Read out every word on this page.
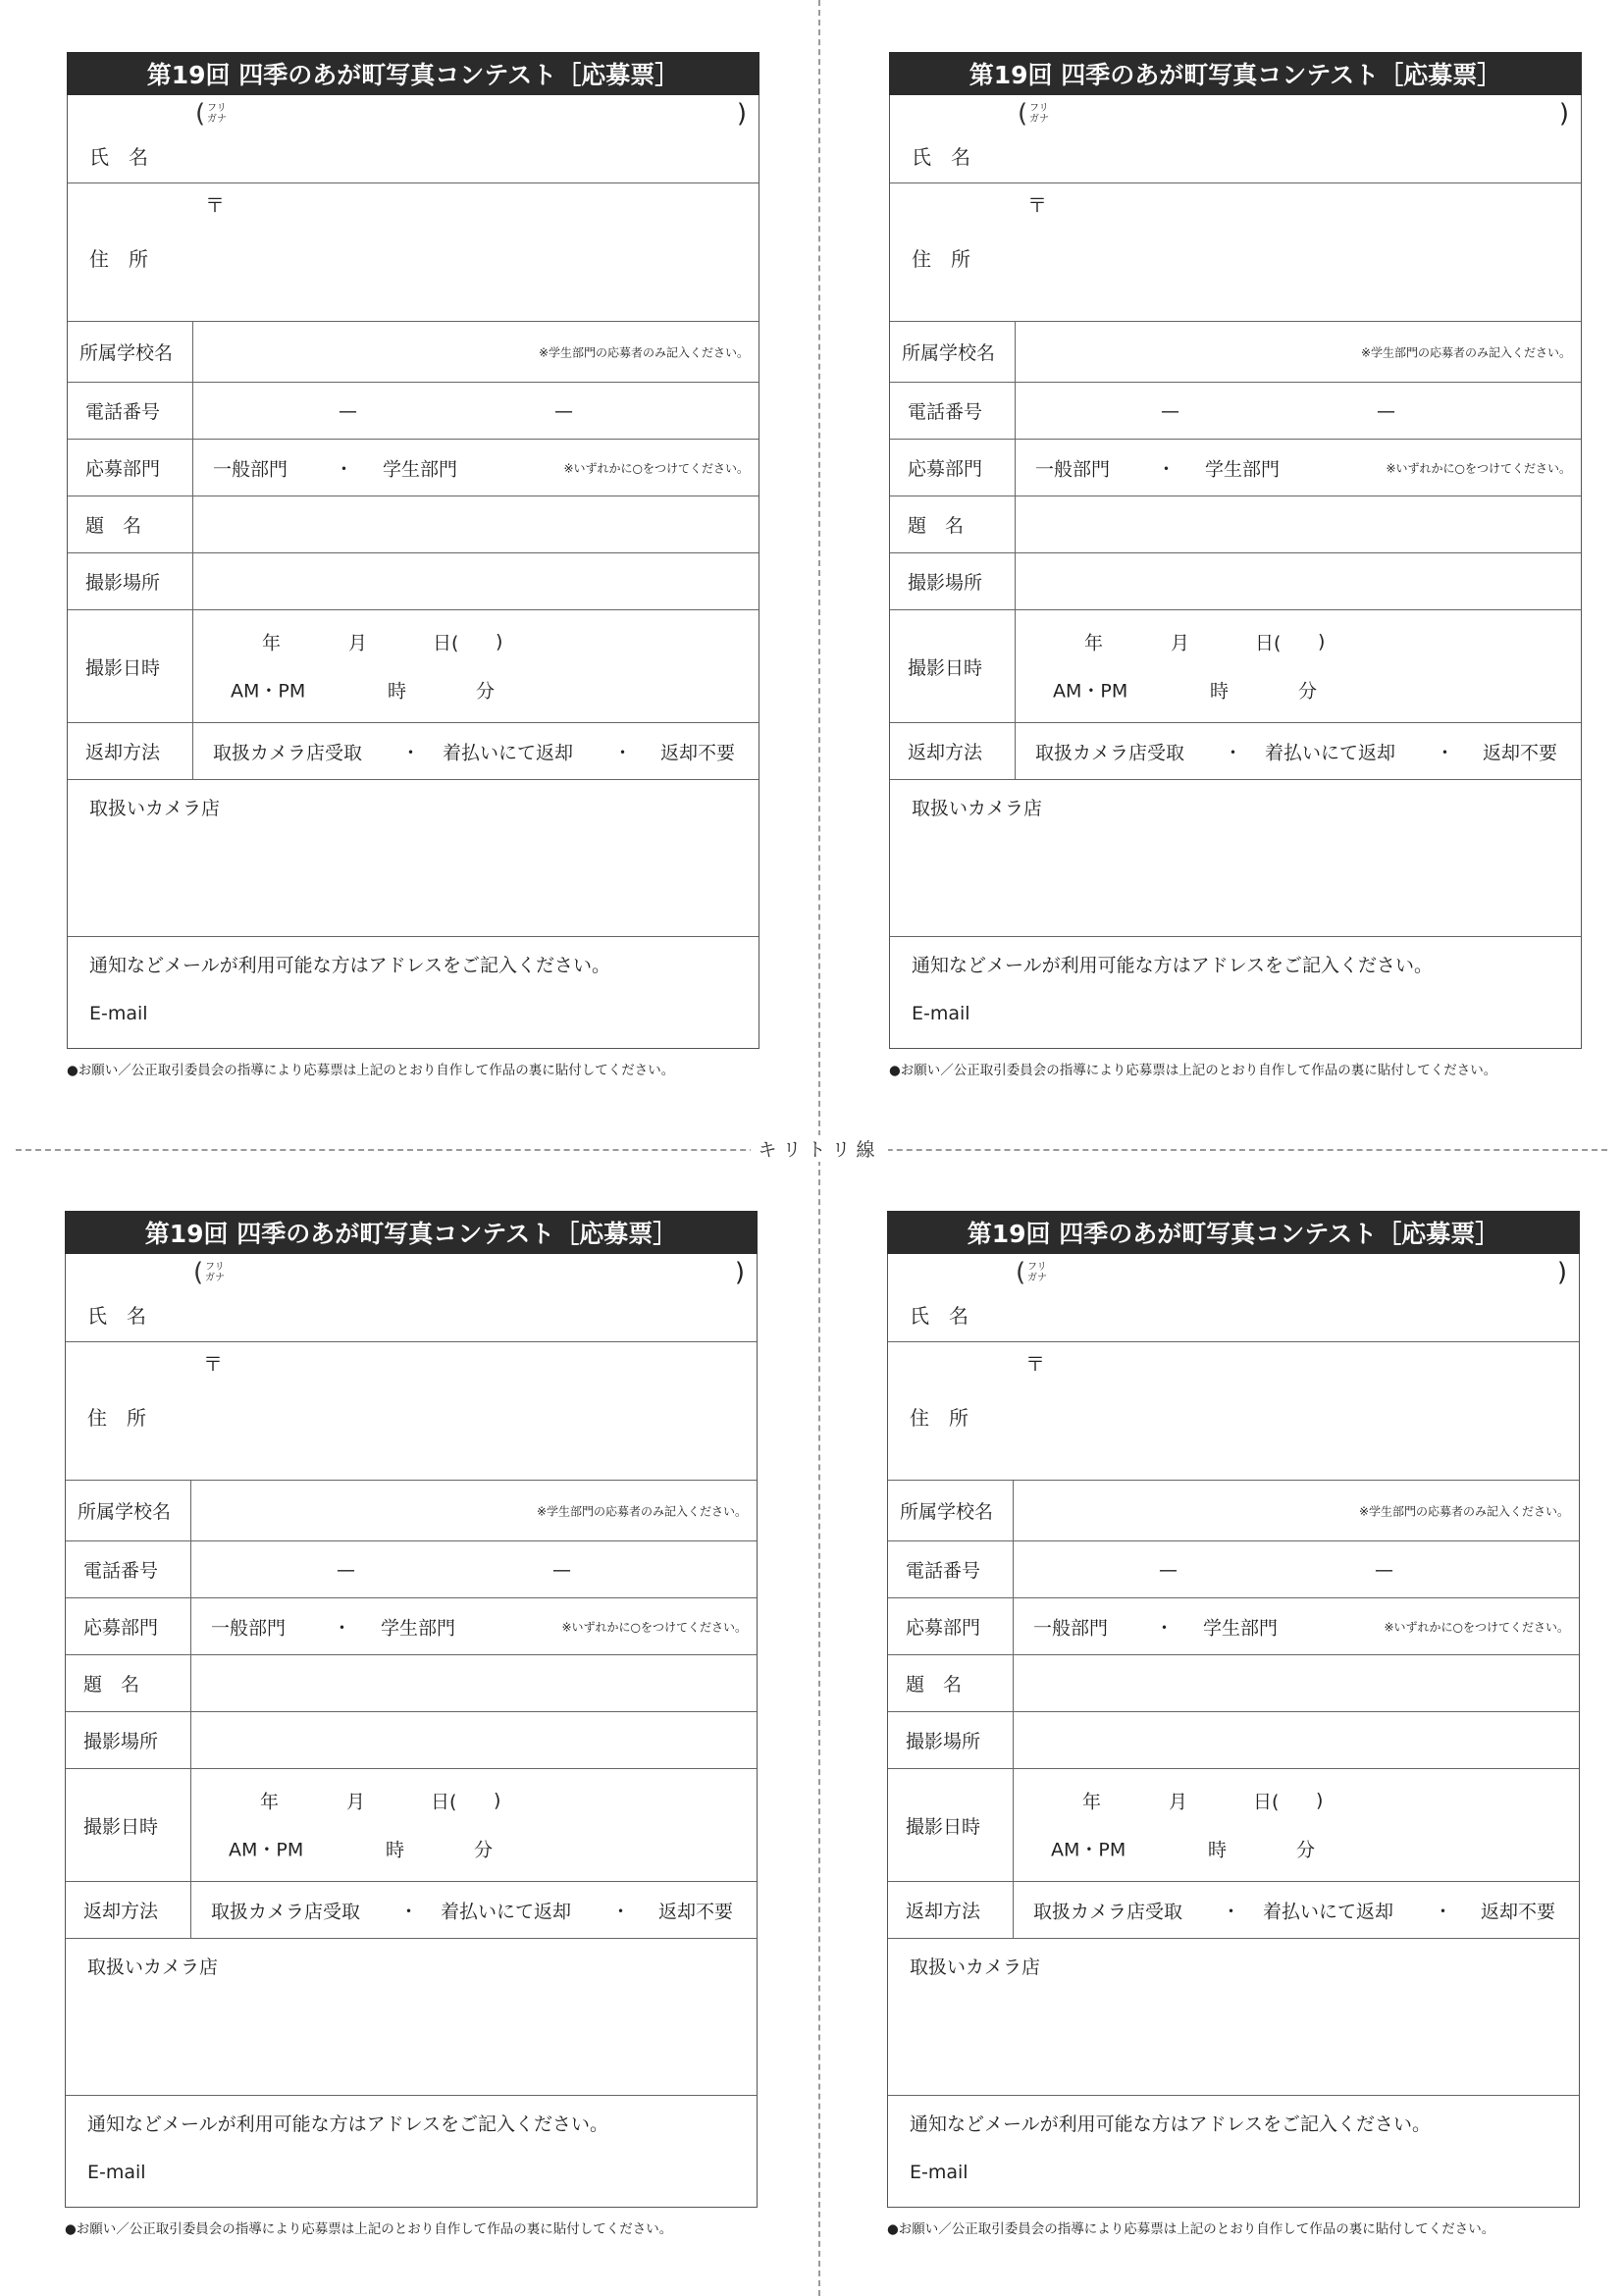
キリトリ線
第19回 四季のあが町写真コンテスト［応募票］
氏　名
( フリ ガナ	)
住　所
〒
所属学校名	※学生部門の応募者のみ記入ください。
電話番号	—	—
応募部門	一般部門	・ 学生部門	※いずれかに○をつけてください。
題　名
撮影場所
撮影日時
年	月	日( )
AM・PM	時	分
返却方法	取扱カメラ店受取 ・ 着払いにて返却 ・ 返却不要
取扱いカメラ店
通知などメールが利用可能な方はアドレスをご記入ください。
E-mail
●お願い／公正取引委員会の指導により応募票は上記のとおり自作して作品の裏に貼付してください。
第19回 四季のあが町写真コンテスト［応募票］
氏　名
( フリ ガナ	)
住　所
〒
所属学校名	※学生部門の応募者のみ記入ください。
電話番号	—	—
応募部門	一般部門	・ 学生部門	※いずれかに○をつけてください。
題　名
撮影場所
撮影日時
年	月	日( )
AM・PM	時	分
返却方法	取扱カメラ店受取 ・ 着払いにて返却 ・ 返却不要
取扱いカメラ店
通知などメールが利用可能な方はアドレスをご記入ください。
E-mail
●お願い／公正取引委員会の指導により応募票は上記のとおり自作して作品の裏に貼付してください。
第19回 四季のあが町写真コンテスト［応募票］
氏　名
( フリ ガナ	)
住　所
〒
所属学校名	※学生部門の応募者のみ記入ください。
電話番号	—	—
応募部門	一般部門	・ 学生部門	※いずれかに○をつけてください。
題　名
撮影場所
撮影日時
年	月	日( )
AM・PM	時	分
返却方法	取扱カメラ店受取 ・ 着払いにて返却 ・ 返却不要
取扱いカメラ店
通知などメールが利用可能な方はアドレスをご記入ください。
E-mail
●お願い／公正取引委員会の指導により応募票は上記のとおり自作して作品の裏に貼付してください。
第19回 四季のあが町写真コンテスト［応募票］
氏　名
( フリ ガナ	)
住　所
〒
所属学校名	※学生部門の応募者のみ記入ください。
電話番号	—	—
応募部門	一般部門	・ 学生部門	※いずれかに○をつけてください。
題　名
撮影場所
撮影日時
年	月	日( )
AM・PM	時	分
返却方法	取扱カメラ店受取 ・ 着払いにて返却 ・ 返却不要
取扱いカメラ店
通知などメールが利用可能な方はアドレスをご記入ください。
E-mail
●お願い／公正取引委員会の指導により応募票は上記のとおり自作して作品の裏に貼付してください。
